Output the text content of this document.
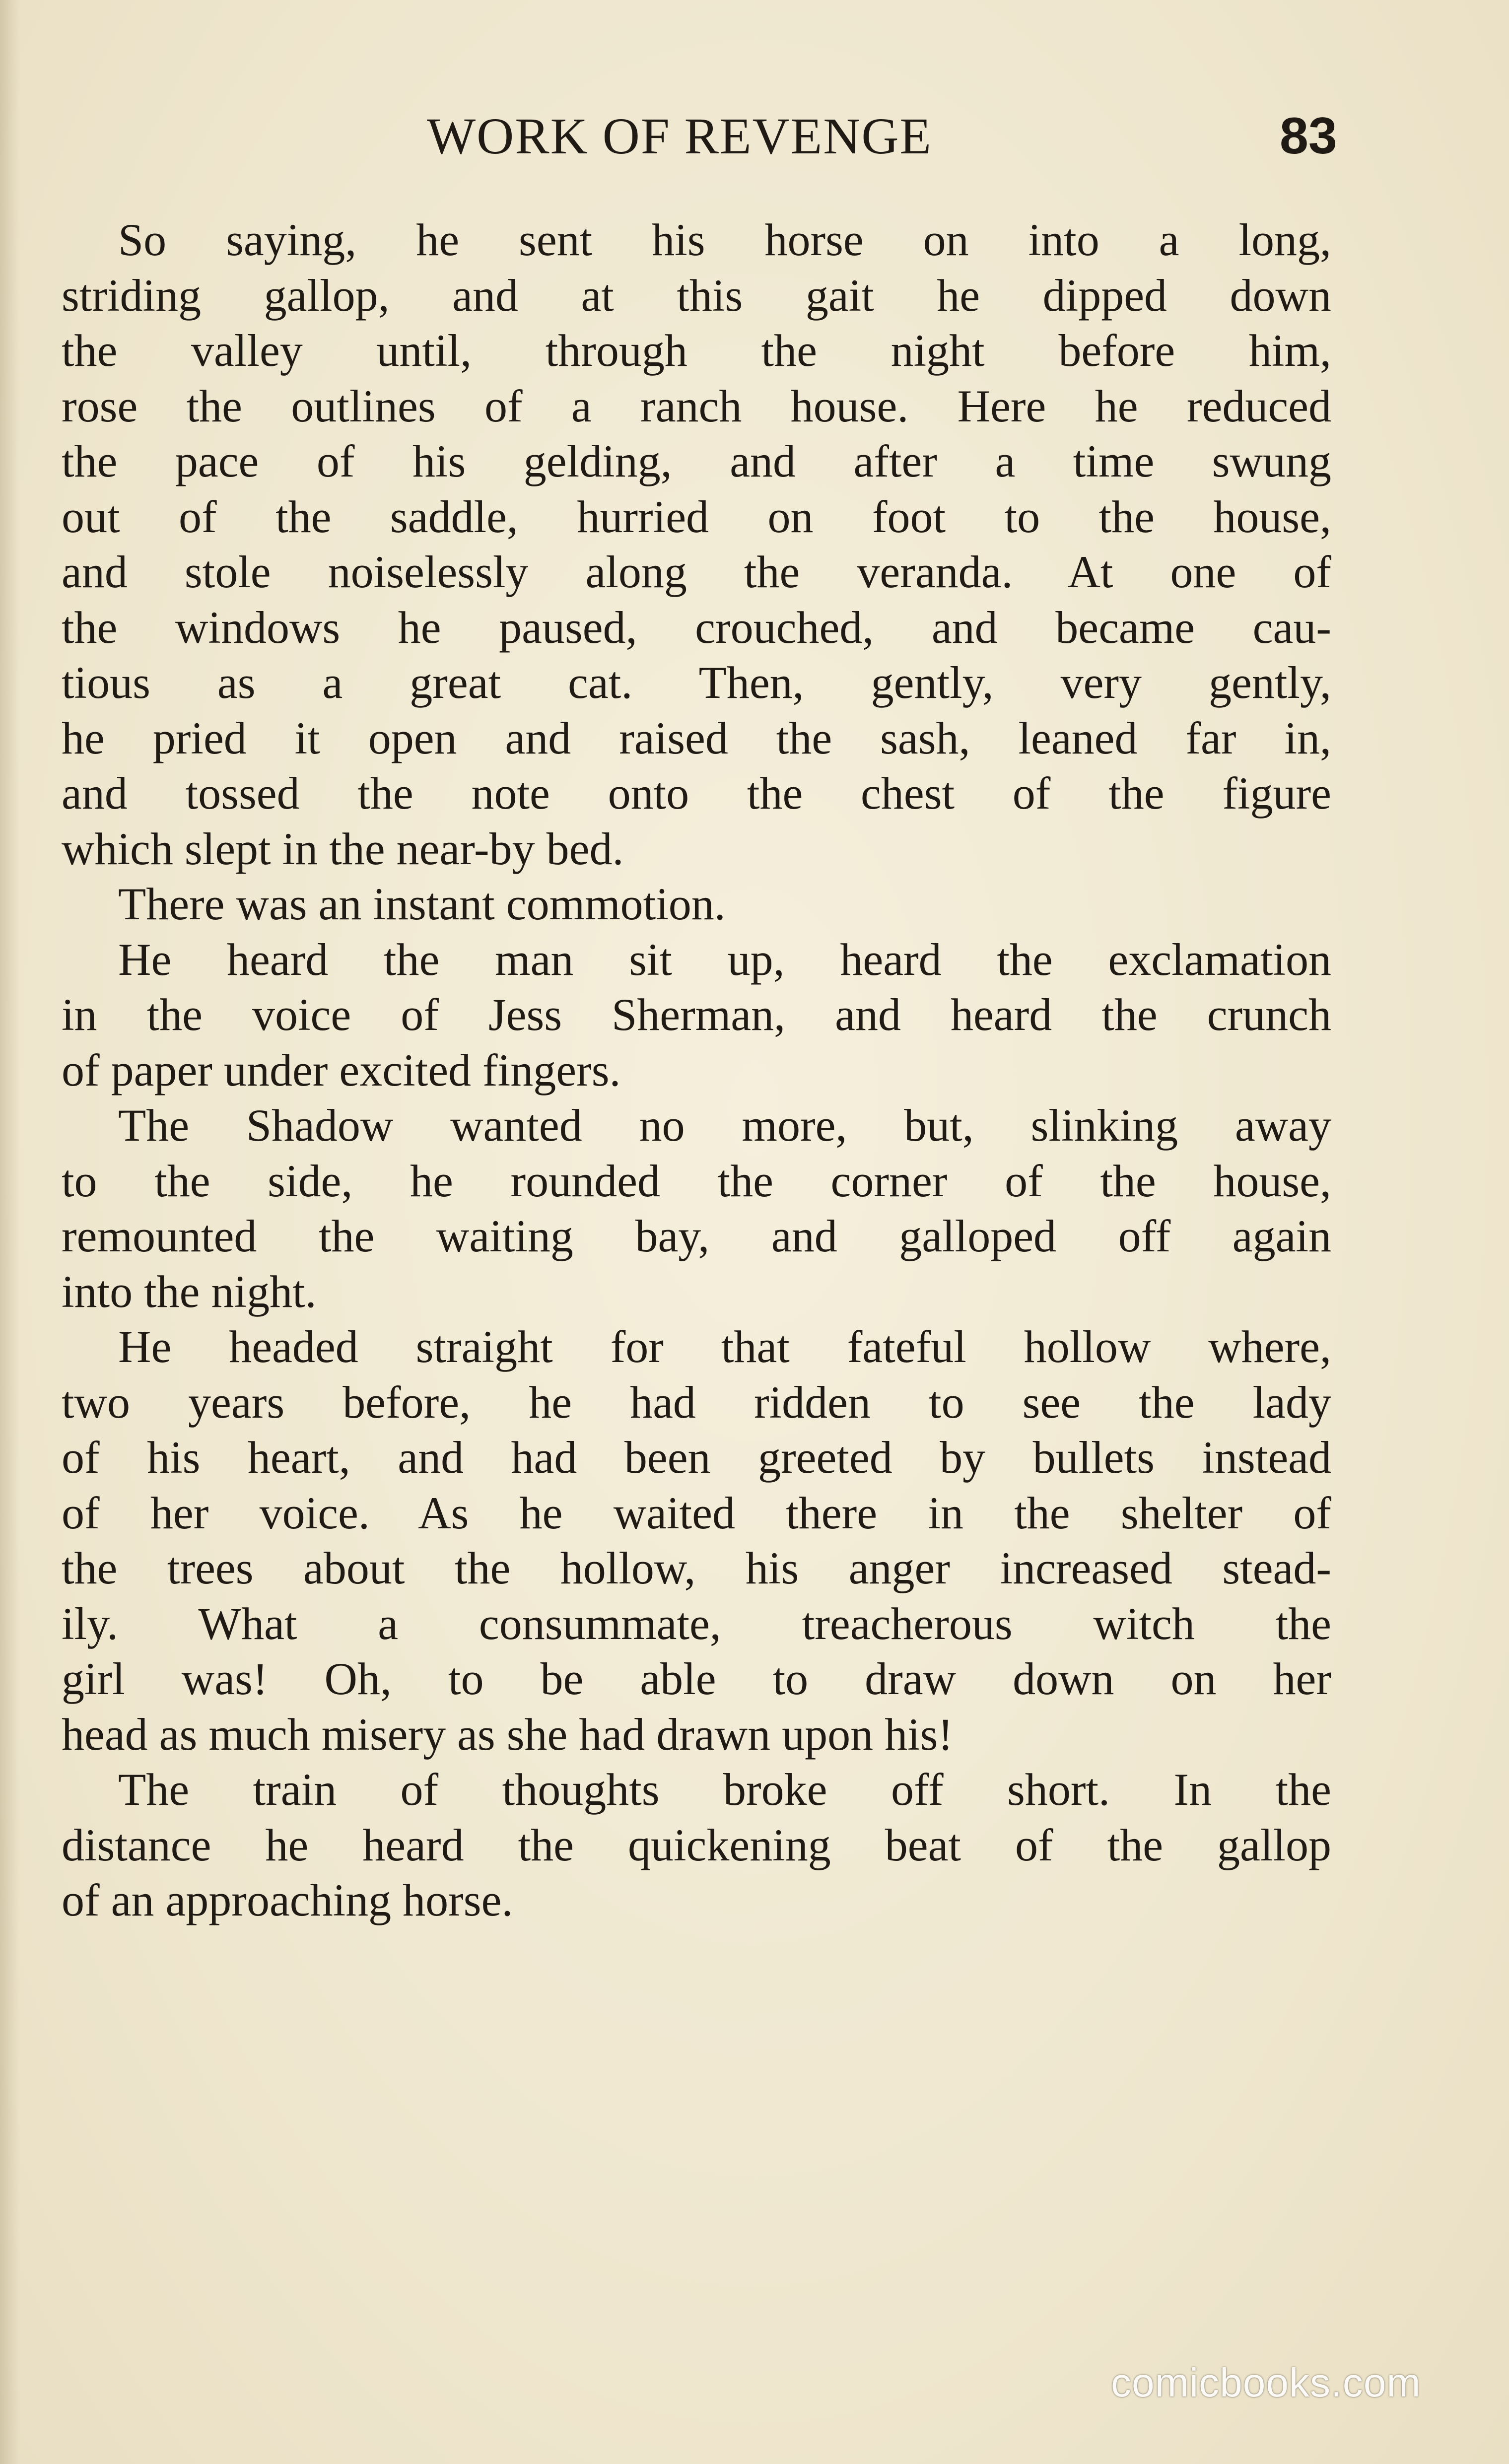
WORK OF REVENGE	83
So saying, he sent his horse on into a long,
striding gallop, and at this gait he dipped down
the valley until, through the night before him,
rose the outlines of a ranch house. Here he reduced
the pace of his gelding, and after a time swung
out of the saddle, hurried on foot to the house,
and stole noiselessly along the veranda. At one of
the windows he paused, crouched, and became cau-
tious as a great cat. Then, gently, very gently,
he pried it open and raised the sash, leaned far in,
and tossed the note onto the chest of the figure
which slept in the near-by bed.
There was an instant commotion.
He heard the man sit up, heard the exclamation
in the voice of Jess Sherman, and heard the crunch
of paper under excited fingers.
The Shadow wanted no more, but, slinking away
to the side, he rounded the corner of the house,
remounted the waiting bay, and galloped off again
into the night.
He headed straight for that fateful hollow where,
two years before, he had ridden to see the lady
of his heart, and had been greeted by bullets instead
of her voice. As he waited there in the shelter of
the trees about the hollow, his anger increased stead-
ily. What a consummate, treacherous witch the
girl was! Oh, to be able to draw down on her
head as much misery as she had drawn upon his!
The train of thoughts broke off short. In the
distance he heard the quickening beat of the gallop
of an approaching horse.
comicbooks.com
